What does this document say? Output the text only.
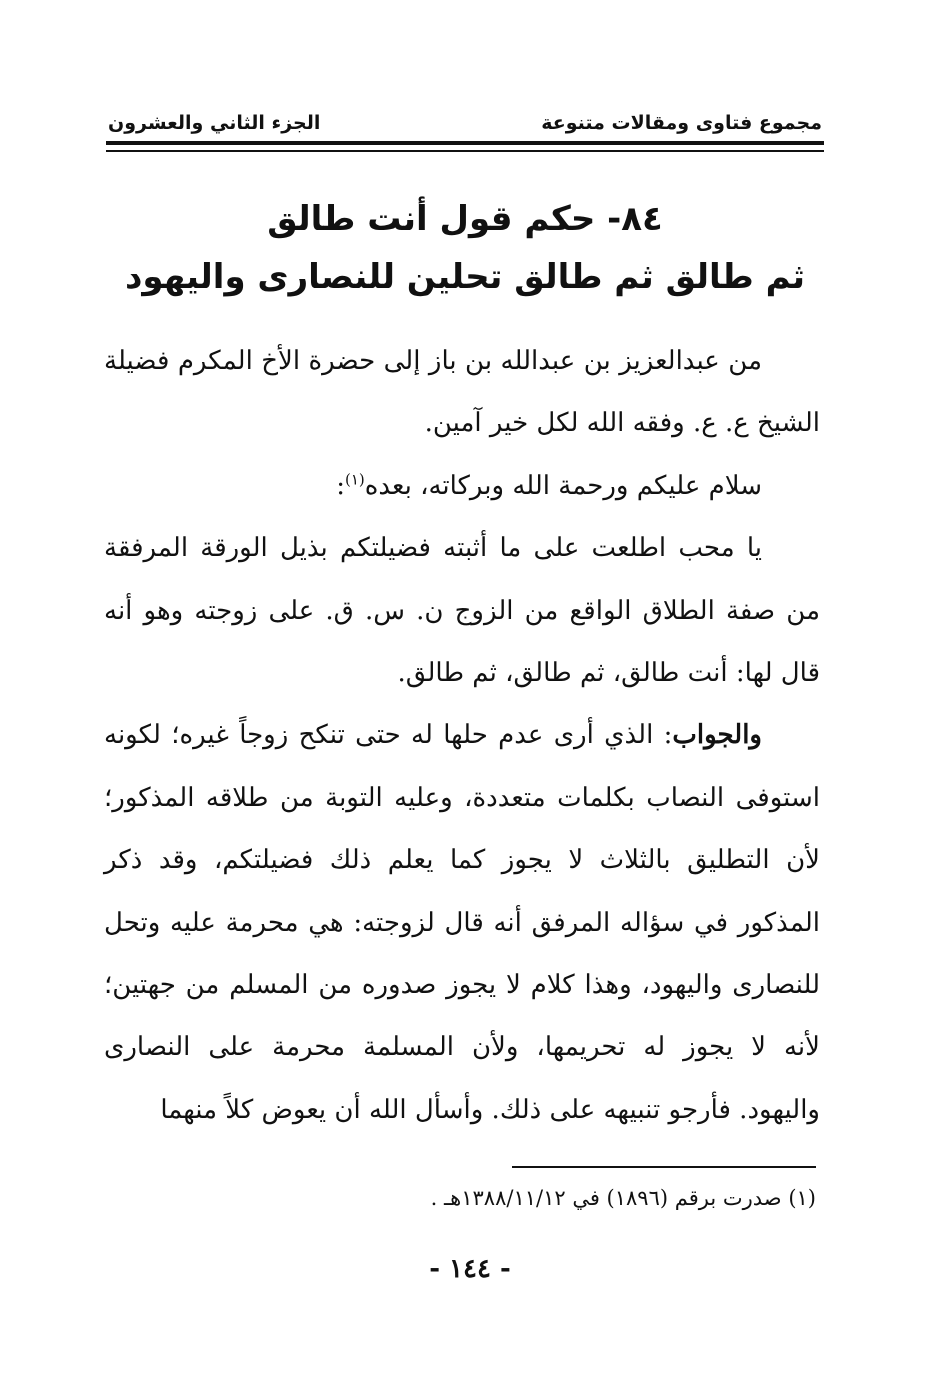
مجموع فتاوى ومقالات متنوعة
الجزء الثاني والعشرون
٨٤- حكم قول أنت طالق
ثم طالق ثم طالق تحلين للنصارى واليهود

من عبدالعزيز بن عبدالله بن باز إلى حضرة الأخ المكرم فضيلة الشيخ ع. ع. وفقه الله لكل خير آمين.

سلام عليكم ورحمة الله وبركاته، بعده$^{(١)}$:

يا محب اطلعت على ما أثبته فضيلتكم بذيل الورقة المرفقة من صفة الطلاق الواقع من الزوج ن. س. ق. على زوجته وهو أنه قال لها: أنت طالق، ثم طالق، ثم طالق.

والجواب: الذي أرى عدم حلها له حتى تنكح زوجاً غيره؛ لكونه استوفى النصاب بكلمات متعددة، وعليه التوبة من طلاقه المذكور؛ لأن التطليق بالثلاث لا يجوز كما يعلم ذلك فضيلتكم، وقد ذكر المذكور في سؤاله المرفق أنه قال لزوجته: هي محرمة عليه وتحل للنصارى واليهود، وهذا كلام لا يجوز صدوره من المسلم من جهتين؛ لأنه لا يجوز له تحريمها، ولأن المسلمة محرمة على النصارى واليهود. فأرجو تنبيهه على ذلك. وأسأل الله أن يعوض كلاً منهما

(١) صدرت برقم (١٨٩٦) في ١٣٨٨/١١/١٢هـ .
- ١٤٤ -
